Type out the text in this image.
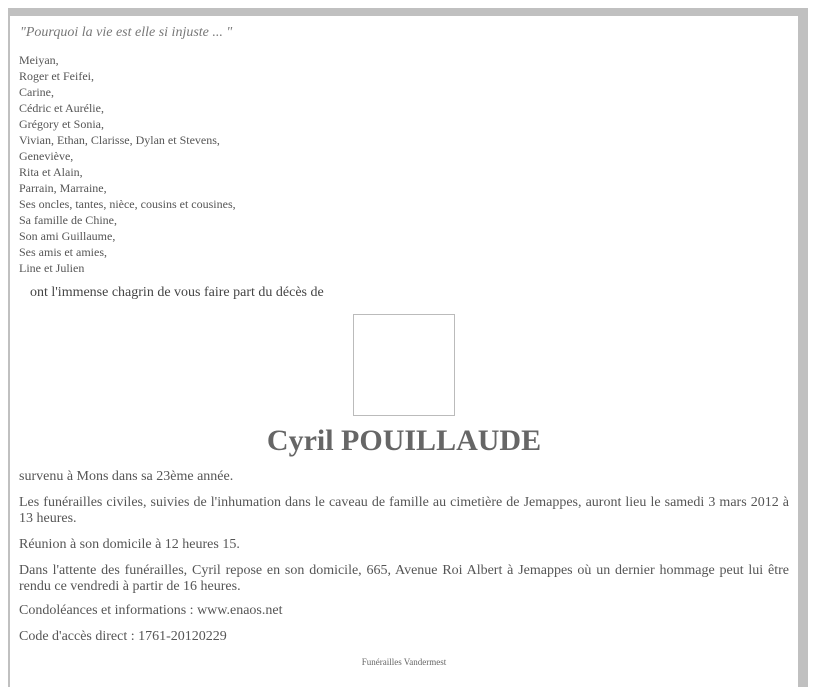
"Pourquoi la vie est elle si injuste ... "
Meiyan,
Roger et Feifei,
Carine,
Cédric et Aurélie,
Grégory et Sonia,
Vivian, Ethan, Clarisse, Dylan et Stevens,
Geneviève,
Rita et Alain,
Parrain, Marraine,
Ses oncles, tantes, nièce, cousins et cousines,
Sa famille de Chine,
Son ami Guillaume,
Ses amis et amies,
Line et Julien
ont l'immense chagrin de vous faire part du décès de
Cyril POUILLAUDE
survenu à Mons dans sa 23ème année.
Les funérailles civiles, suivies de l'inhumation dans le caveau de famille au cimetière de Jemappes, auront lieu le samedi 3 mars 2012 à 13 heures.
Réunion à son domicile à 12 heures 15.
Dans l'attente des funérailles, Cyril repose en son domicile, 665, Avenue Roi Albert à Jemappes où un dernier hommage peut lui être rendu ce vendredi à partir de 16 heures.
Condoléances et informations : www.enaos.net
Code d'accès direct : 1761-20120229
Funérailles Vandermest
